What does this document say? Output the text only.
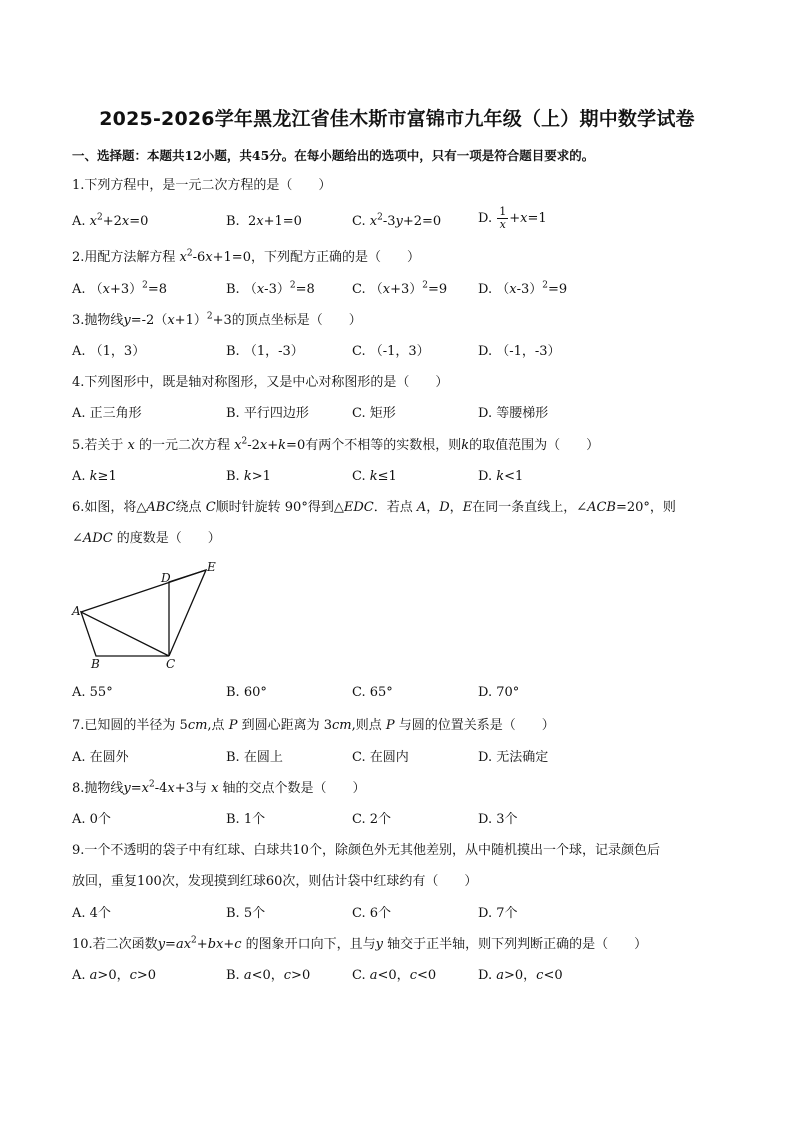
2025-2026学年黑龙江省佳木斯市富锦市九年级（上）期中数学试卷
一、选择题：本题共12小题，共45分。在每小题给出的选项中，只有一项是符合题目要求的。
1.下列方程中，是一元二次方程的是（　　）
A. $x^2+2x=0$	B.  2x+1=0	C. $x^2-3y+2=0$	D. $\frac{1}{x} +x=1$
2.用配方法解方程 $x^2-6x+1=0$，下列配方正确的是（　　）
A. $(x+3)^2=8$	B. $(x-3)^2=8$	C. $(x+3)^2=9$ D. $(x-3)^2=9$
3.抛物线$y=-2(x+1)^2+3$的顶点坐标是（　　）
A. （1，3）	B. （1，-3）	C. （-1，3）	D. （-1，-3）
4.下列图形中，既是轴对称图形，又是中心对称图形的是（　　）
A. 正三角形	B. 平行四边形	C. 矩形	D. 等腰梯形
5.若关于 x 的一元二次方程 $x^2-2x+k=0$有两个不相等的实数根，则k的取值范围为（　　）
A. k≥1	B. k>1	C. k≤1	D. k<1
6.如图，将△ABC绕点 C顺时针旋转 90°得到△EDC．若点 A，D，E在同一条直线上，∠ACB=20°，则
∠ADC 的度数是（　　）
A
B	C
D
E
A. 55°	B. 60°	C. 65°	D. 70°
7.已知圆的半径为 5cm,点 P 到圆心距离为 3cm,则点 P 与圆的位置关系是（　　）
A. 在圆外	B. 在圆上	C. 在圆内	D. 无法确定
8.抛物线$y=x^2-4x+3$与 x 轴的交点个数是（　　）
A. 0个	B. 1个	C. 2个	D. 3个
9.一个不透明的袋子中有红球、白球共10个，除颜色外无其他差别，从中随机摸出一个球，记录颜色后
放回，重复100次，发现摸到红球60次，则估计袋中红球约有（　　）
A. 4个	B. 5个	C. 6个	D. 7个
10.若二次函数$y=ax^2+bx+c$ 的图象开口向下，且与y 轴交于正半轴，则下列判断正确的是（　　）
A. a>0，c>0	B. a<0，c>0	C. a<0，c<0	D. a>0，c<0
